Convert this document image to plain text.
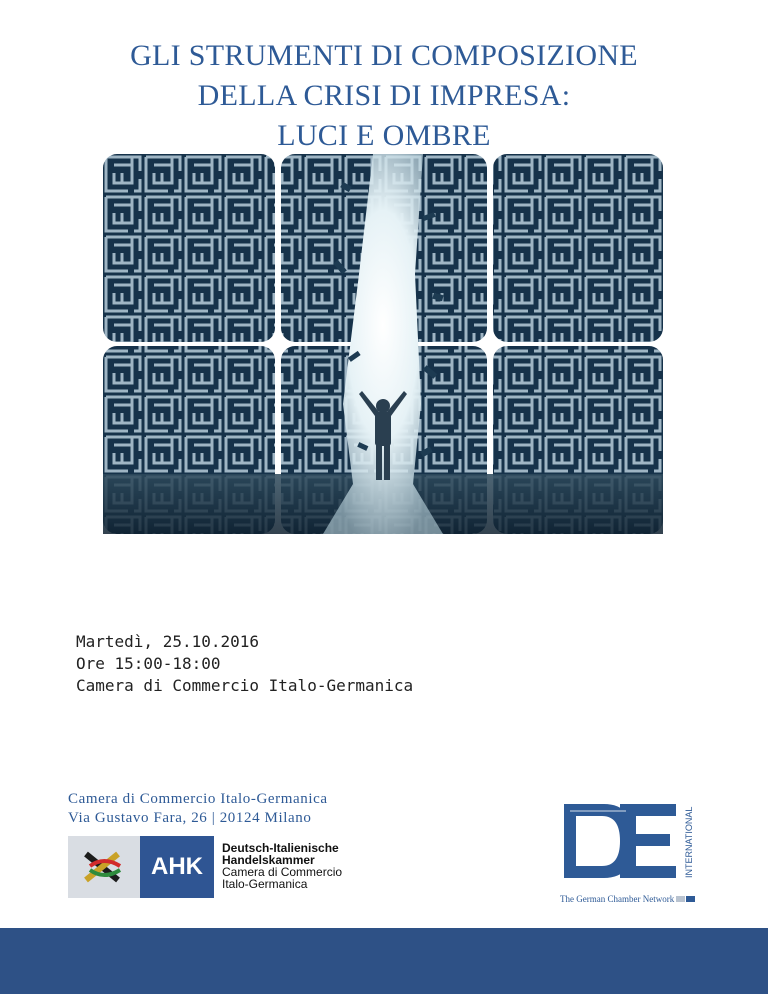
GLI STRUMENTI DI COMPOSIZIONE
DELLA CRISI DI IMPRESA:
LUCI E OMBRE
Martedì, 25.10.2016
Ore 15:00-18:00
Camera di Commercio Italo-Germanica
Camera di Commercio Italo-Germanica
Via Gustavo Fara, 26 | 20124 Milano
AHK
Deutsch-Italienische
Handelskammer
Camera di Commercio
Italo-Germanica
INTERNATIONAL
The German Chamber Network
